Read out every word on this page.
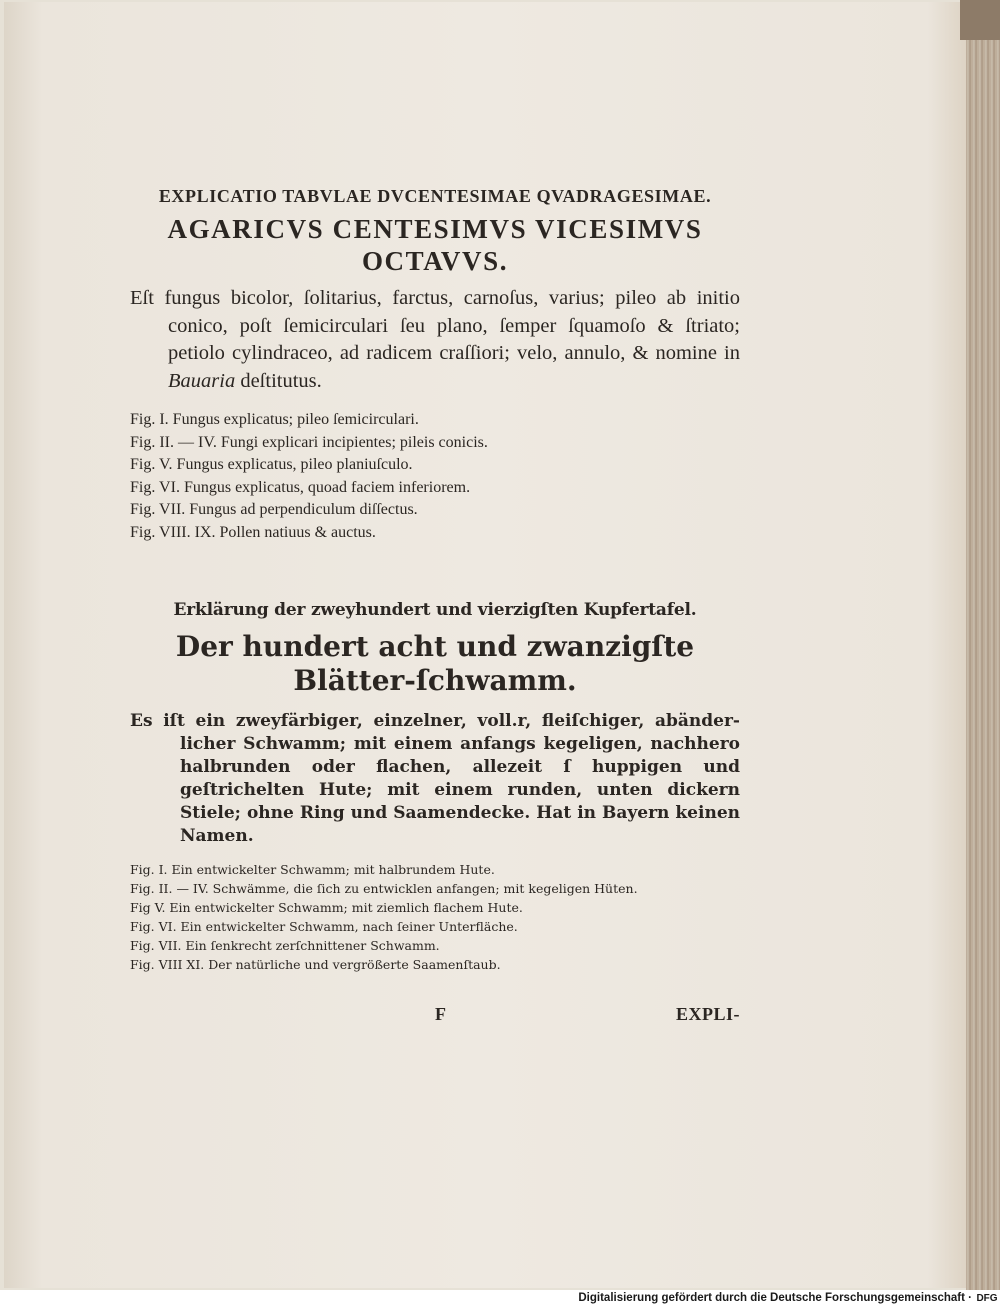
EXPLICATIO TABVLAE DVCENTESIMAE QVADRAGESIMAE.
AGARICVS CENTESIMVS VICESIMVS OCTAVVS.

Eſt fungus bicolor, ſolitarius, farctus, carnoſus, varius; pileo ab initio conico, poſt ſemicirculari ſeu plano, ſemper ſquamoſo & ſtriato; petiolo cylindraceo, ad radicem craſſiori; velo, annulo, & nomine in Bauaria deſtitutus.

Fig. I. Fungus explicatus; pileo ſemicirculari.
Fig. II. — IV. Fungi explicari incipientes; pileis conicis.
Fig. V. Fungus explicatus, pileo planiuſculo.
Fig. VI. Fungus explicatus, quoad faciem inferiorem.
Fig. VII. Fungus ad perpendiculum diſſectus.
Fig. VIII. IX. Pollen natiuus & auctus.
Erklärung der zweyhundert und vierzigſten Kupfertafel.
Der hundert acht und zwanzigſte Blätter-ſchwamm.

Es iſt ein zweyfärbiger, einzelner, voll.r, fleiſchiger, abänder-licher Schwamm; mit einem anfangs kegeligen, nachhero halbrunden oder flachen, allezeit ſ huppigen und geſtrichelten Hute; mit einem runden, unten dickern Stiele; ohne Ring und Saamendecke. Hat in Bayern keinen Namen.

Fig. I. Ein entwickelter Schwamm; mit halbrundem Hute.
Fig. II. — IV. Schwämme, die ſich zu entwicklen anfangen; mit kegeligen Hüten.
Fig V. Ein entwickelter Schwamm; mit ziemlich flachem Hute.
Fig. VI. Ein entwickelter Schwamm, nach ſeiner Unterfläche.
Fig. VII. Ein ſenkrecht zerſchnittener Schwamm.
Fig. VIII XI. Der natürliche und vergrößerte Saamenſtaub.
F	EXPLI-
Digitalisierung gefördert durch die Deutsche Forschungsgemeinschaft · DFG
